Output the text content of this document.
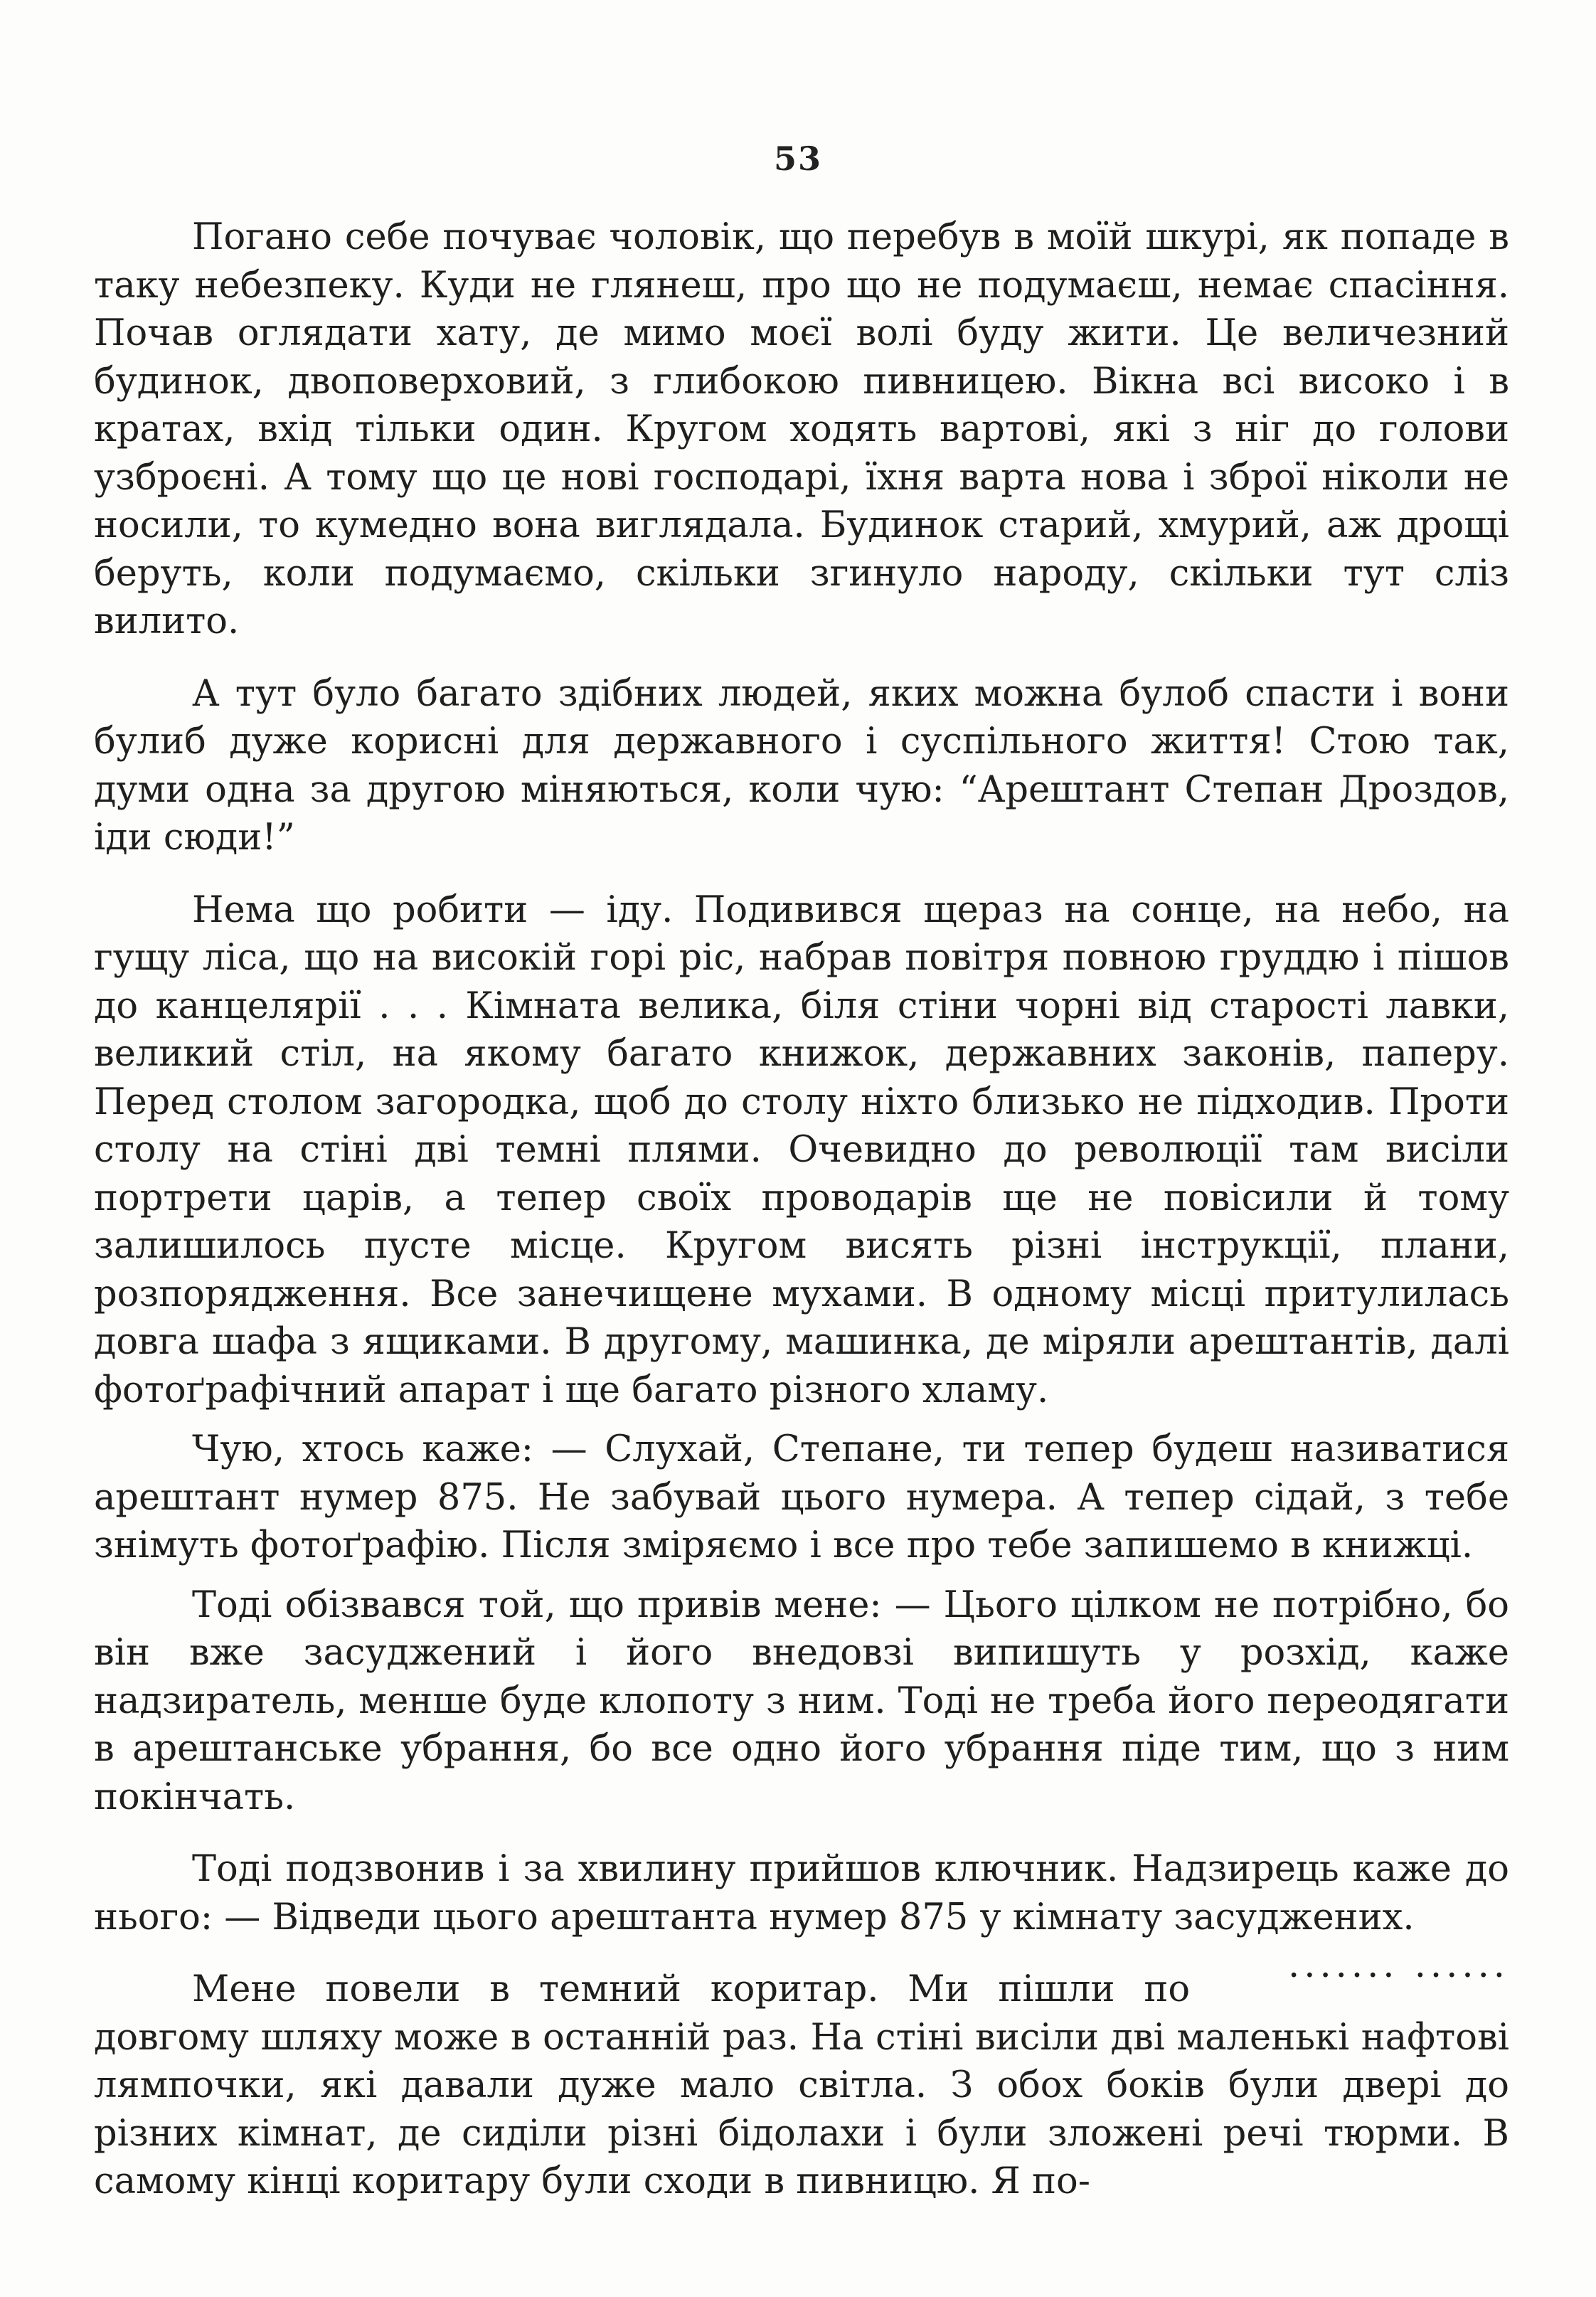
53

Погано себе почуває чоловік, що перебув в моїй шкурі, як попаде в таку небезпеку. Куди не глянеш, про що не подумаєш, немає спасіння. Почав оглядати хату, де мимо моєї волі буду жити. Це величезний будинок, двоповерховий, з глибокою пивницею. Вікна всі високо і в кратах, вхід тільки один. Кругом ходять вартові, які з ніг до голови узброєні. А тому що це нові господарі, їхня варта нова і зброї ніколи не носили, то кумедно вона виглядала. Будинок старий, хмурий, аж дрощі беруть, коли подумаємо, скільки згинуло народу, скільки тут сліз вилито.

А тут було багато здібних людей, яких можна булоб спасти і вони булиб дуже корисні для державного і суспільного життя! Стою так, думи одна за другою міняються, коли чую: “Арештант Степан Дроздов, іди сюди!”

Нема що робити — іду. Подивився щераз на сонце, на небо, на гущу ліса, що на високій горі ріс, набрав повітря повною груддю і пішов до канцелярії . . . Кімната велика, біля стіни чорні від старості лавки, великий стіл, на якому багато книжок, державних законів, паперу. Перед столом загородка, щоб до столу ніхто близько не підходив. Проти столу на стіні дві темні плями. Очевидно до революції там висіли портрети царів, а тепер своїх проводарів ще не повісили й тому залишилось пусте місце. Кругом висять різні інструкції, плани, розпорядження. Все занечищене мухами. В одному місці притулилась довга шафа з ящиками. В другому, машинка, де міряли арештантів, далі фотоґрафічний апарат і ще багато різного хламу.

Чую, хтось каже: — Слухай, Степане, ти тепер будеш називатися арештант нумер 875. Не забувай цього нумера. А тепер сідай, з тебе знімуть фотоґрафію. Після зміряємо і все про тебе запишемо в книжці.

Тоді обізвався той, що привів мене: — Цього цілком не потрібно, бо він вже засуджений і його внедовзі випишуть у розхід, каже надзиратель, менше буде клопоту з ним. Тоді не треба його переодягати в арештанське убрання, бо все одно його убрання піде тим, що з ним покінчать.

Тоді подзвонив і за хвилину прийшов ключник. Надзирець каже до нього: — Відведи цього арештанта нумер 875 у кімнату засуджених.
....... ......

Мене повели в темний коритар. Ми пішли по довгому шляху може в останній раз. На стіні висіли дві маленькі нафтові лямпочки, які давали дуже мало світла. З обох боків були двері до різних кімнат, де сиділи різні бідолахи і були зложені речі тюрми. В самому кінці коритару були сходи в пивницю. Я по-
